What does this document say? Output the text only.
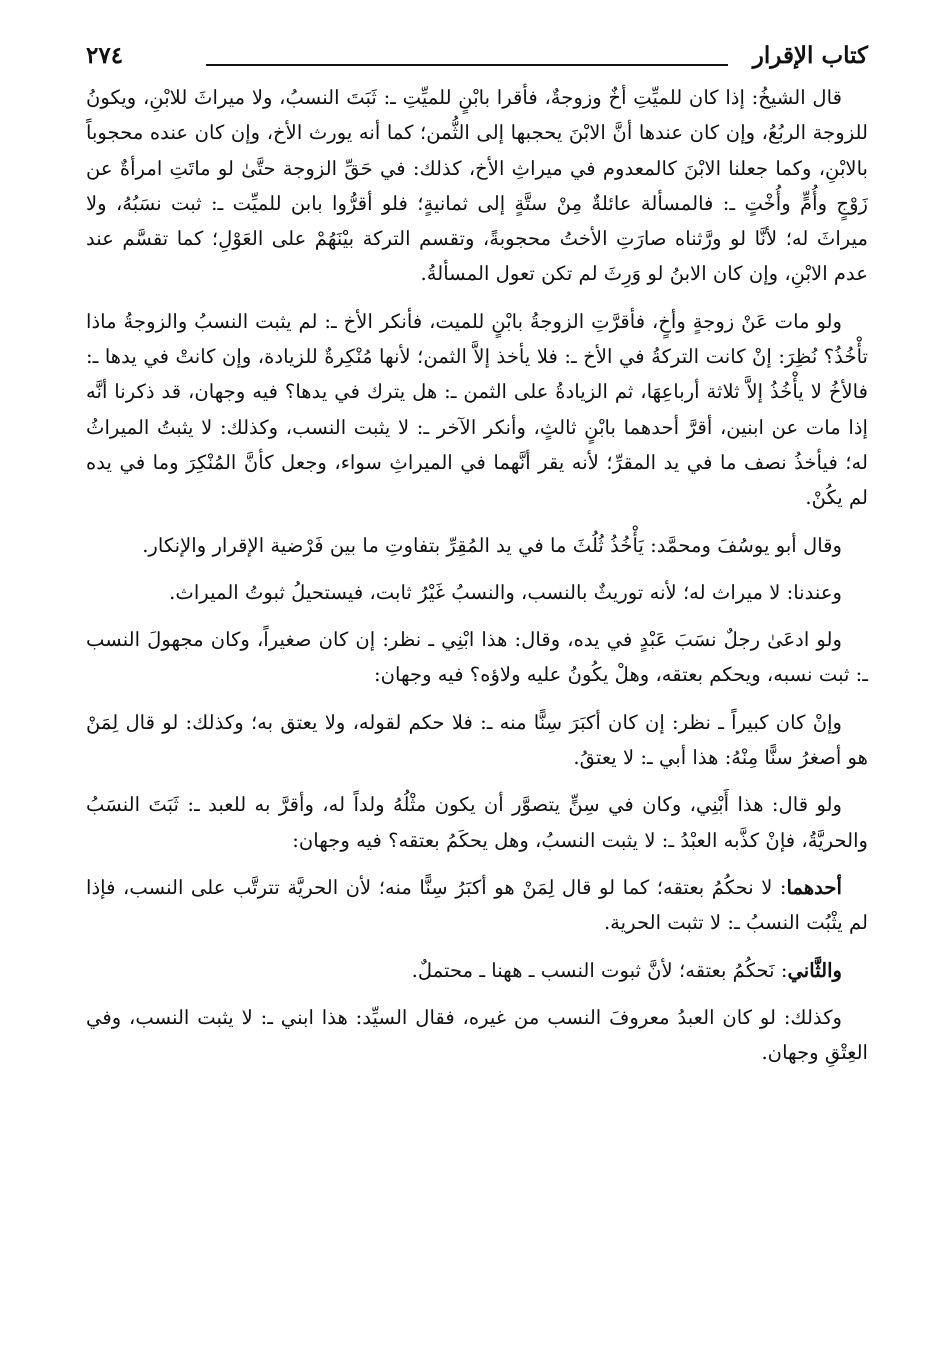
كتاب الإقرار
٢٧٤

قال الشيخُ: إذا كان للميِّتِ أخٌ وزوجةٌ، فأقرا بابْنٍ للميِّتِ ـ: ثَبَتَ النسبُ، ولا ميراثَ للابْنِ، ويكونُ للزوجة الربُعُ، وإن كان عندها أنَّ الابْنَ يحجبها إلى الثُّمن؛ كما أنه يورث الأخ، وإن كان عنده محجوباً بالابْنِ، وكما جعلنا الابْنَ كالمعدوم في ميراثِ الأخ، كذلك: في حَقِّ الزوجة حتَّىٰ لو ماتَتِ امرأةٌ عن زَوْجٍ وأُمٍّ وأُخْتٍ ـ: فالمسألة عائلةٌ مِنْ ستَّةٍ إلى ثمانيةٍ؛ فلو أقرُّوا بابن للميِّت ـ: ثبت نسَبُهُ، ولا ميراثَ له؛ لأنَّا لو ورَّثناه صارَتِ الأختُ محجوبةً، وتقسم التركة بيْنَهُمْ على العَوْلِ؛ كما تقسَّم عند عدم الابْنِ، وإن كان الابنُ لو وَرِثَ لم تكن تعول المسألةُ.

ولو مات عَنْ زوجةٍ وأخٍ، فأقرَّتِ الزوجةُ بابْنٍ للميت، فأنكر الأخ ـ: لم يثبت النسبُ والزوجةُ ماذا تأْخُذُ؟ نُظِرَ: إنْ كانت التركةُ في الأخ ـ: فلا يأخذ إلاَّ الثمن؛ لأنها مُنْكِرةٌ للزيادة، وإن كانتْ في يدها ـ: فالأخُ لا يأْخُذُ إلاَّ ثلاثة أرباعِهَا، ثم الزيادةُ على الثمن ـ: هل يترك في يدها؟ فيه وجهان، قد ذكرنا أنَّه إذا مات عن ابنين، أقرَّ أحدهما بابْنٍ ثالثٍ، وأنكر الآخر ـ: لا يثبت النسب، وكذلك: لا يثبتُ الميراثُ له؛ فيأخذُ نصف ما في يد المقرِّ؛ لأنه يقر أنَّهما في الميراثِ سواء، وجعل كأنَّ المُنْكِرَ وما في يده لم يكُنْ.

وقال أبو يوسُفَ ومحمَّد: يَأْخُذُ ثُلُثَ ما في يد المُقِرِّ بتفاوتِ ما بين فَرْضية الإقرار والإنكار.

وعندنا: لا ميراث له؛ لأنه توريثٌ بالنسب، والنسبُ غَيْرُ ثابت، فيستحيلُ ثبوتُ الميراث.

ولو ادعَىٰ رجلٌ نسَبَ عَبْدٍ في يده، وقال: هذا ابْنِي ـ نظر: إن كان صغيراً، وكان مجهولَ النسب ـ: ثبت نسبه، ويحكم بعتقه، وهلْ يكُونُ عليه ولاؤه؟ فيه وجهان:

وإنْ كان كبيراً ـ نظر: إن كان أكبَرَ سِنًّا منه ـ: فلا حكم لقوله، ولا يعتق به؛ وكذلك: لو قال لِمَنْ هو أصغرُ سنًّا مِنْهُ: هذا أبي ـ: لا يعتقُ.

ولو قال: هذا أَبْنِي، وكان في سِنٍّ يتصوَّر أن يكون مثْلُهُ ولداً له، وأقرَّ به للعبد ـ: ثَبَتَ النسَبُ والحريَّةُ، فإنْ كذَّبه العبْدُ ـ: لا يثبت النسبُ، وهل يحكَمُ بعتقه؟ فيه وجهان:

أحدهما: لا نحكُمُ بعتقه؛ كما لو قال لِمَنْ هو أكبَرُ سِنًّا منه؛ لأن الحريَّة تترتَّب على النسب، فإذا لم يثْبُت النسبُ ـ: لا تثبت الحرية.

والثَّاني: نَحكُمُ بعتقه؛ لأنَّ ثبوت النسب ـ ههنا ـ محتملٌ.

وكذلك: لو كان العبدُ معروفَ النسب من غيره، فقال السيِّد: هذا ابني ـ: لا يثبت النسب، وفي العِتْقِ وجهان.
